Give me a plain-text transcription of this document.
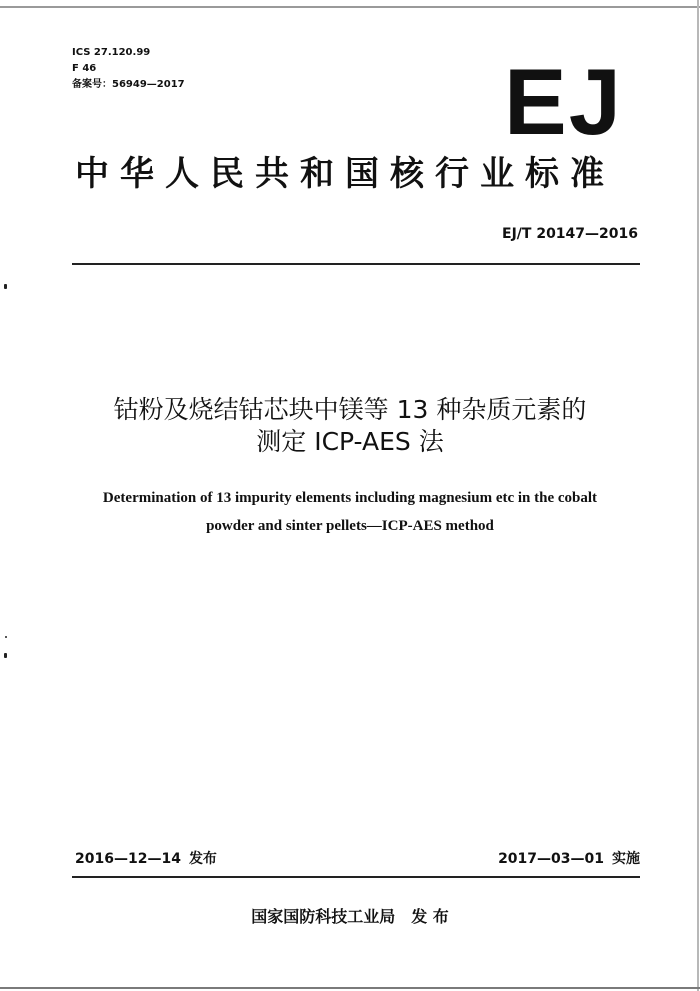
ICS 27.120.99
F 46
备案号：56949—2017	EJ
中华人民共和国核行业标准
EJ/T 20147—2016
钴粉及烧结钴芯块中镁等 13 种杂质元素的
测定 ICP-AES 法
Determination of 13 impurity elements including magnesium etc in the cobalt
powder and sinter pellets—ICP-AES method
2016—12—14 发布	2017—03—01 实施
国家国防科技工业局 发 布
